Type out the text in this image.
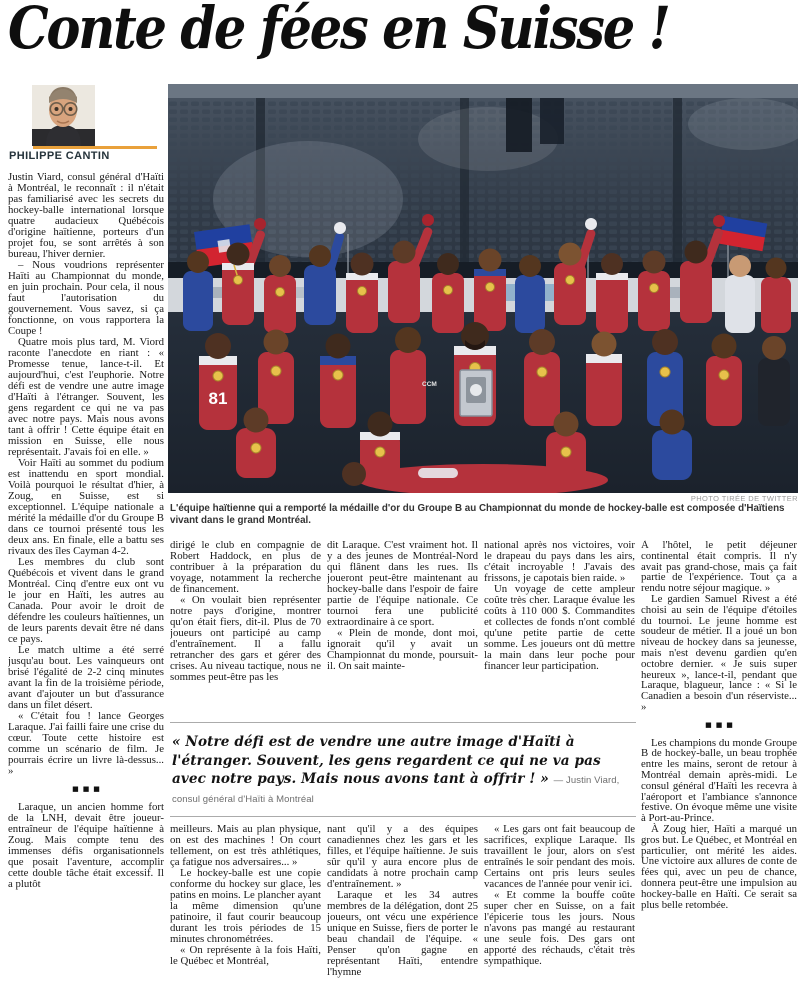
Conte de fées en Suisse !
PHILIPPE CANTIN

Justin Viard, consul général d'Haïti à Montréal, le reconnaît : il n'était pas familiarisé avec les secrets du hockey-balle international lorsque quatre audacieux Québécois d'origine haïtienne, porteurs d'un projet fou, se sont arrêtés à son bureau, l'hiver dernier.

– Nous voudrions représenter Haïti au Championnat du monde, en juin prochain. Pour cela, il nous faut l'autorisation du gouvernement. Vous savez, si ça fonctionne, on vous rapportera la Coupe !

Quatre mois plus tard, M. Viord raconte l'anecdote en riant : « Promesse tenue, lance-t-il. Et aujourd'hui, c'est l'euphorie. Notre défi est de vendre une autre image d'Haïti à l'étranger. Souvent, les gens regardent ce qui ne va pas avec notre pays. Mais nous avons tant à offrir ! Cette équipe était en mission en Suisse, elle nous représentait. J'avais foi en elle. »

Voir Haïti au sommet du podium est inattendu en sport mondial. Voilà pourquoi le résultat d'hier, à Zoug, en Suisse, est si exceptionnel. L'équipe nationale a mérité la médaille d'or du Groupe B dans ce tournoi présenté tous les deux ans. En finale, elle a battu ses rivaux des îles Cayman 4-2.

Les membres du club sont Québécois et vivent dans le grand Montréal. Cinq d'entre eux ont vu le jour en Haïti, les autres au Canada. Pour avoir le droit de défendre les couleurs haïtiennes, un de leurs parents devait être né dans ce pays.

Le match ultime a été serré jusqu'au bout. Les vainqueurs ont brisé l'égalité de 2-2 cinq minutes avant la fin de la troisième période, avant d'ajouter un but d'assurance dans un filet désert.

« C'était fou ! lance Georges Laraque. J'ai failli faire une crise du cœur. Toute cette histoire est comme un scénario de film. Je pourrais écrire un livre là-dessus... »

■■■

Laraque, un ancien homme fort de la LNH, devait être joueur-entraîneur de l'équipe haïtienne à Zoug. Mais compte tenu des immenses défis organisationnels que posait l'aventure, accomplir cette double tâche était excessif. Il a plutôt

81
CCM
PHOTO TIRÉE DE TWITTER
L'équipe haïtienne qui a remporté la médaille d'or du Groupe B au Championnat du monde de hockey-balle est composée d'Haïtiens vivant dans le grand Montréal.

dirigé le club en compagnie de Robert Haddock, en plus de contribuer à la préparation du voyage, notamment la recherche de financement.

« On voulait bien représenter notre pays d'origine, montrer qu'on était fiers, dit-il. Plus de 70 joueurs ont participé au camp d'entraînement. Il a fallu retrancher des gars et gérer des crises. Au niveau tactique, nous ne sommes peut-être pas les

dit Laraque. C'est vraiment hot. Il y a des jeunes de Montréal-Nord qui flânent dans les rues. Ils joueront peut-être maintenant au hockey-balle dans l'espoir de faire partie de l'équipe nationale. Ce tournoi fera une publicité extraordinaire à ce sport.

« Plein de monde, dont moi, ignorait qu'il y avait un Championnat du monde, poursuit-il. On sait mainte-

national après nos victoires, voir le drapeau du pays dans les airs, c'était incroyable ! J'avais des frissons, je capotais bien raide. »

Un voyage de cette ampleur coûte très cher. Laraque évalue les coûts à 110 000 $. Commandites et collectes de fonds n'ont comblé qu'une petite partie de cette somme. Les joueurs ont dû mettre la main dans leur poche pour financer leur participation.

« Notre défi est de vendre une autre image d'Haïti à l'étranger. Souvent, les gens regardent ce qui ne va pas avec notre pays. Mais nous avons tant à offrir ! » — Justin Viard, consul général d'Haïti à Montréal

meilleurs. Mais au plan physique, on est des machines ! On court tellement, on est très athlétiques, ça fatigue nos adversaires... »

Le hockey-balle est une copie conforme du hockey sur glace, les patins en moins. Le plancher ayant la même dimension qu'une patinoire, il faut courir beaucoup durant les trois périodes de 15 minutes chronométrées.

« On représente à la fois Haïti, le Québec et Montréal,

nant qu'il y a des équipes canadiennes chez les gars et les filles, et l'équipe haïtienne. Je suis sûr qu'il y aura encore plus de candidats à notre prochain camp d'entraînement. »

Laraque et les 34 autres membres de la délégation, dont 25 joueurs, ont vécu une expérience unique en Suisse, fiers de porter le beau chandail de l'équipe. « Penser qu'on gagne en représentant Haïti, entendre l'hymne

« Les gars ont fait beaucoup de sacrifices, explique Laraque. Ils travaillent le jour, alors on s'est entraînés le soir pendant des mois. Certains ont pris leurs seules vacances de l'année pour venir ici.

« Et comme la bouffe coûte super cher en Suisse, on a fait l'épicerie tous les jours. Nous n'avons pas mangé au restaurant une seule fois. Des gars ont apporté des réchauds, c'était très sympathique.

À l'hôtel, le petit déjeuner continental était compris. Il n'y avait pas grand-chose, mais ça fait partie de l'expérience. Tout ça a rendu notre séjour magique. »

Le gardien Samuel Rivest a été choisi au sein de l'équipe d'étoiles du tournoi. Le jeune homme est soudeur de métier. Il a joué un bon niveau de hockey dans sa jeunesse, mais n'est devenu gardien qu'en octobre dernier. « Je suis super heureux », lance-t-il, pendant que Laraque, blagueur, lance : « Si le Canadien a besoin d'un réserviste... »

■■■

Les champions du monde Groupe B de hockey-balle, un beau trophée entre les mains, seront de retour à Montréal demain après-midi. Le consul général d'Haïti les recevra à l'aéroport et l'ambiance s'annonce festive. On évoque même une visite à Port-au-Prince.

À Zoug hier, Haïti a marqué un gros but. Le Québec, et Montréal en particulier, ont mérité les aides. Une victoire aux allures de conte de fées qui, avec un peu de chance, donnera peut-être une impulsion au hockey-balle en Haïti. Ce serait sa plus belle retombée.
